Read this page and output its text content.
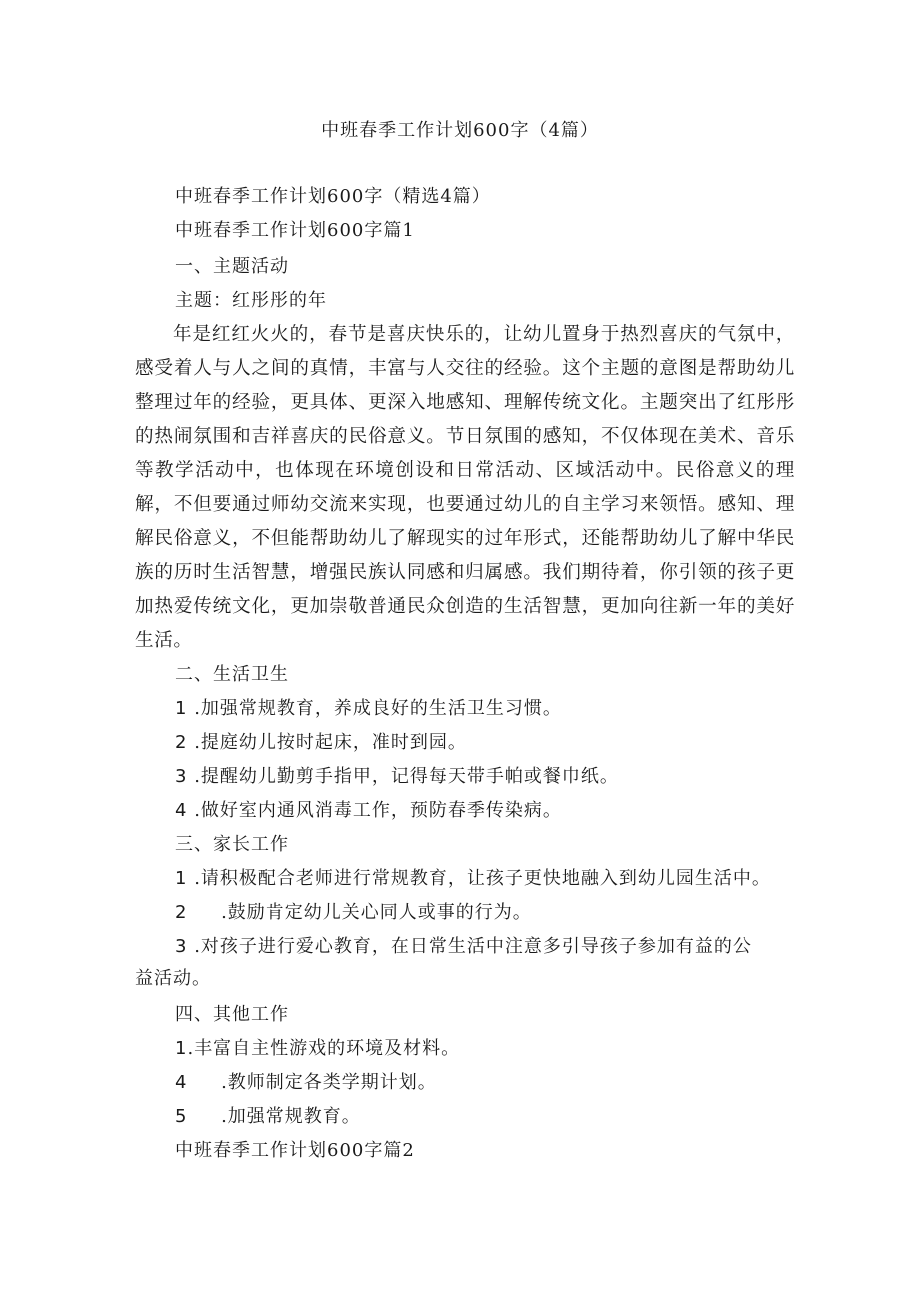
中班春季工作计划600字（4篇）
中班春季工作计划600字（精选4篇）
中班春季工作计划600字篇1
一、主题活动
主题：红彤彤的年
年是红红火火的，春节是喜庆快乐的，让幼儿置身于热烈喜庆的气氛中，感受着人与人之间的真情，丰富与人交往的经验。这个主题的意图是帮助幼儿整理过年的经验，更具体、更深入地感知、理解传统文化。主题突出了红彤彤的热闹氛围和吉祥喜庆的民俗意义。节日氛围的感知，不仅体现在美术、音乐等教学活动中，也体现在环境创设和日常活动、区域活动中。民俗意义的理解，不但要通过师幼交流来实现，也要通过幼儿的自主学习来领悟。感知、理解民俗意义，不但能帮助幼儿了解现实的过年形式，还能帮助幼儿了解中华民族的历时生活智慧，增强民族认同感和归属感。我们期待着，你引领的孩子更加热爱传统文化，更加崇敬普通民众创造的生活智慧，更加向往新一年的美好生活。
二、生活卫生
1 .加强常规教育，养成良好的生活卫生习惯。
2 .提庭幼儿按时起床，准时到园。
3 .提醒幼儿勤剪手指甲，记得每天带手帕或餐巾纸。
4 .做好室内通风消毒工作，预防春季传染病。
三、家长工作
1 .请积极配合老师进行常规教育，让孩子更快地融入到幼儿园生活中。
2 .鼓励肯定幼儿关心同人或事的行为。
3 .对孩子进行爱心教育，在日常生活中注意多引导孩子参加有益的公
益活动。
四、其他工作
1.丰富自主性游戏的环境及材料。
4 .教师制定各类学期计划。
5 .加强常规教育。
中班春季工作计划600字篇2
